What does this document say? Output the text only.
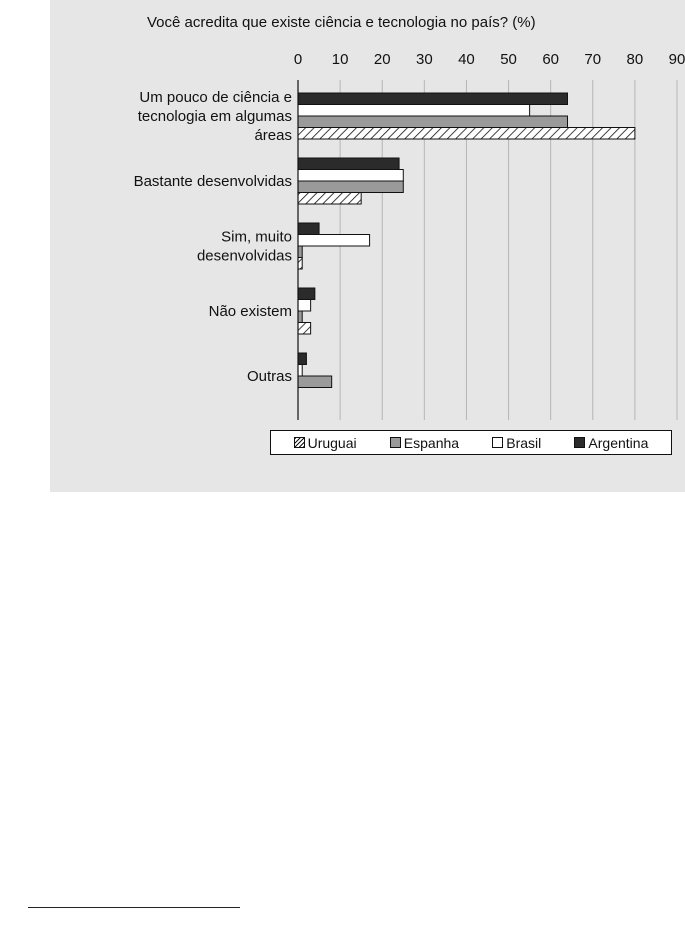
Você acredita que existe ciência e tecnologia no país? (%)
0 10 20 30 40 50 60 70 80 90
Um pouco de ciência e
tecnologia em algumas
áreas
Bastante desenvolvidas
Sim, muito
desenvolvidas
Não existem
Outras
Uruguai	Espanha	Brasil	Argentina
